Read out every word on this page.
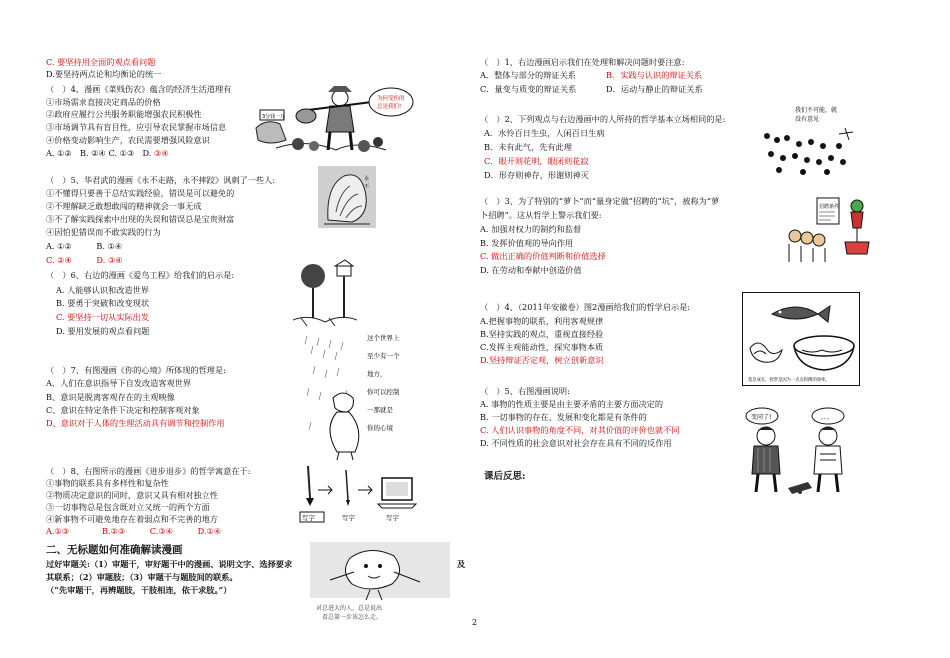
C. 要坚持用全面的观点看问题
D.要坚持两点论和均衡论的统一
（　）4、漫画《菜贱伤农》蕴含的经济生活道理有
①市场需求直接决定商品的价格
②政府应履行公共服务职能增强农民积极性
③市场调节具有盲目性，应引导农民掌握市场信息
④价格变动影响生产，农民需要增强风险意识
A. ①②　B. ②④ C. ①③　D. ③④
3分钱一斤
为何受伤的
总是我们!
（　）5、华君武的漫画《永不走路，永不摔跤》讽刺了一些人:
①不懂得只要善于总结实践经验，错误是可以避免的
②不理解缺乏敢想敢闯的精神就会一事无成
③不了解实践探索中出现的失误和错误总是宝贵财富
④因怕犯错误而不敢实践的行为
A. ①②　　　B. ①④
C. ②④　　　D. ③④
永
不
（　）6、右边的漫画《爱鸟工程》给我们的启示是:
A. 人能够认识和改造世界
B. 要勇于突破和改变现状
C. 要坚持一切从实际出发
D. 要用发展的观点看问题
（　）7、有图漫画《你的心境》所体现的哲理是:
A、人们在意识指导下自发改造客观世界
B、意识是脱离客观存在的主观映像
C、意识在特定条件下决定和控制客观对象
D、意识对于人体的生理活动具有调节和控制作用
这个世界上
至少有一个
地方，
你可以控制
一那就是
你的心境
（　）8、右图所示的漫画《进步退步》的哲学寓意在于:
①事物的联系具有多样性和复杂性
②物质决定意识的同时，意识又具有相对独立性
③一切事物总是包含既对立又统一的两个方面
④新事物不可避免地存在着弱点和不完善的地方
A.①③　　　　B.②③　　　C.③④　　　D.①④
写字	写字	写字
二、无标题如何准确解读漫画
过好审题关:（1）审题干，审好题干中的漫画、说明文字、选择要求	及
其联系；（2）审题肢；（3）审题干与题肢间的联系。
（“先审题干，再辨题肢，干肢相连，依干求肢。”）
对总进大的人，总是说出
看总第一步该怎么走。
（　）1、右边漫画启示我们在处理和解决问题时要注意:
A．整体与部分的辩证关系	B．实践与认识的辩证关系
C．量变与质变的辩证关系	D．运动与静止的辩证关系
（　）2、下列观点与右边漫画中的人所持的哲学基本立场相同的是:
A．水怜百日生虫，人闲百日生病
B．未有此气，先有此理
C．眼开则花明，眼闭则花寂
D．形存则神存，形谢则神灭
我们不可能，就
没有意见
（　）3、为了特别的“萝卜”而“量身定做”招聘的“坑”，被称为“萝
卜招聘”。这从哲学上警示我们要:
A. 加强对权力的制约和监督
B. 发挥价值观的导向作用
C. 做出正确的价值判断和价值选择
D. 在劳动和奉献中创造价值
招聘条件
（　）4、（2011年安徽卷）图2漫画给我们的哲学启示是:
A.把握事物的联系，利用客观规律
B.坚持实践的观点，重视直接经验
C.发挥主观能动性，探究事物本质
D.坚持辩证否定观，树立创新意识
莫急成长，智常是因为一点点积攒的效率。
（　）5、右图漫画说明:
A. 事物的性质主要是由主要矛盾的主要方面决定的
B. 一切事物的存在、发展和变化都是有条件的
C. 人们认识事物的角度不同，对其价值的评价也就不同
D. 不同性质的社会意识对社会存在具有不同的反作用
变同了!	。。。
课后反思:
2
